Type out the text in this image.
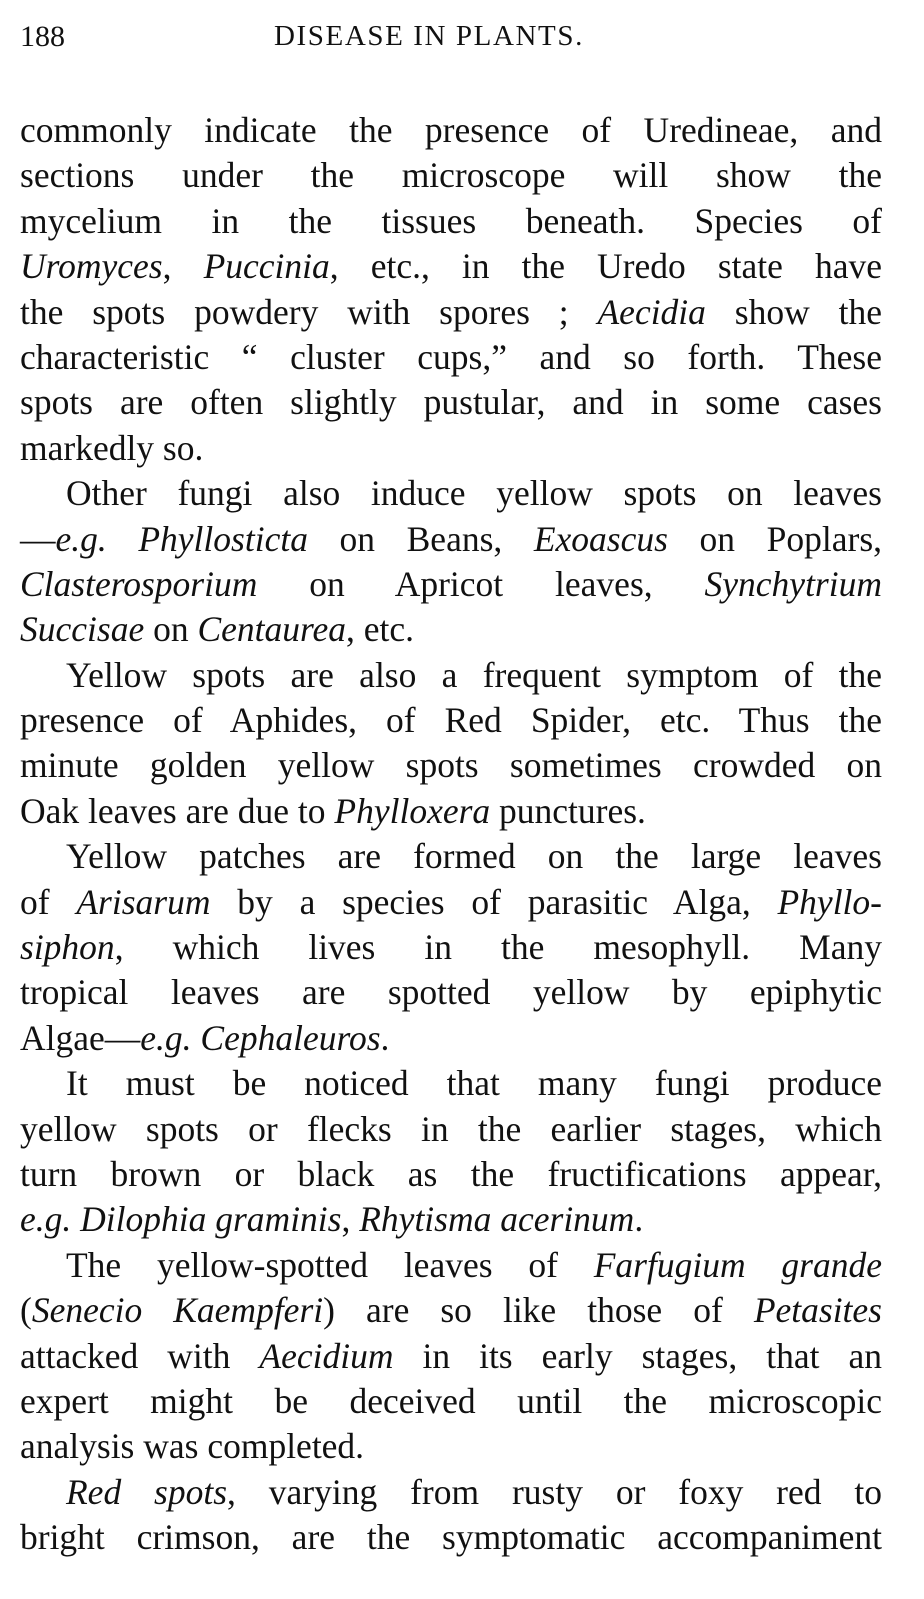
188	DISEASE IN PLANTS.
commonly indicate the presence of Uredineae, and
sections under the microscope will show the
mycelium in the tissues beneath. Species of
Uromyces, Puccinia, etc., in the Uredo state have
the spots powdery with spores ; Aecidia show the
characteristic “ cluster cups,” and so forth. These
spots are often slightly pustular, and in some cases
markedly so.
Other fungi also induce yellow spots on leaves
—e.g. Phyllosticta on Beans, Exoascus on Poplars,
Clasterosporium on Apricot leaves, Synchytrium
Succisae on Centaurea, etc.
Yellow spots are also a frequent symptom of the
presence of Aphides, of Red Spider, etc. Thus the
minute golden yellow spots sometimes crowded on
Oak leaves are due to Phylloxera punctures.
Yellow patches are formed on the large leaves
of Arisarum by a species of parasitic Alga, Phyllo-
siphon, which lives in the mesophyll. Many
tropical leaves are spotted yellow by epiphytic
Algae—e.g. Cephaleuros.
It must be noticed that many fungi produce
yellow spots or flecks in the earlier stages, which
turn brown or black as the fructifications appear,
e.g. Dilophia graminis, Rhytisma acerinum.
The yellow-spotted leaves of Farfugium grande
(Senecio Kaempferi) are so like those of Petasites
attacked with Aecidium in its early stages, that an
expert might be deceived until the microscopic
analysis was completed.
Red spots, varying from rusty or foxy red to
bright crimson, are the symptomatic accompaniment
